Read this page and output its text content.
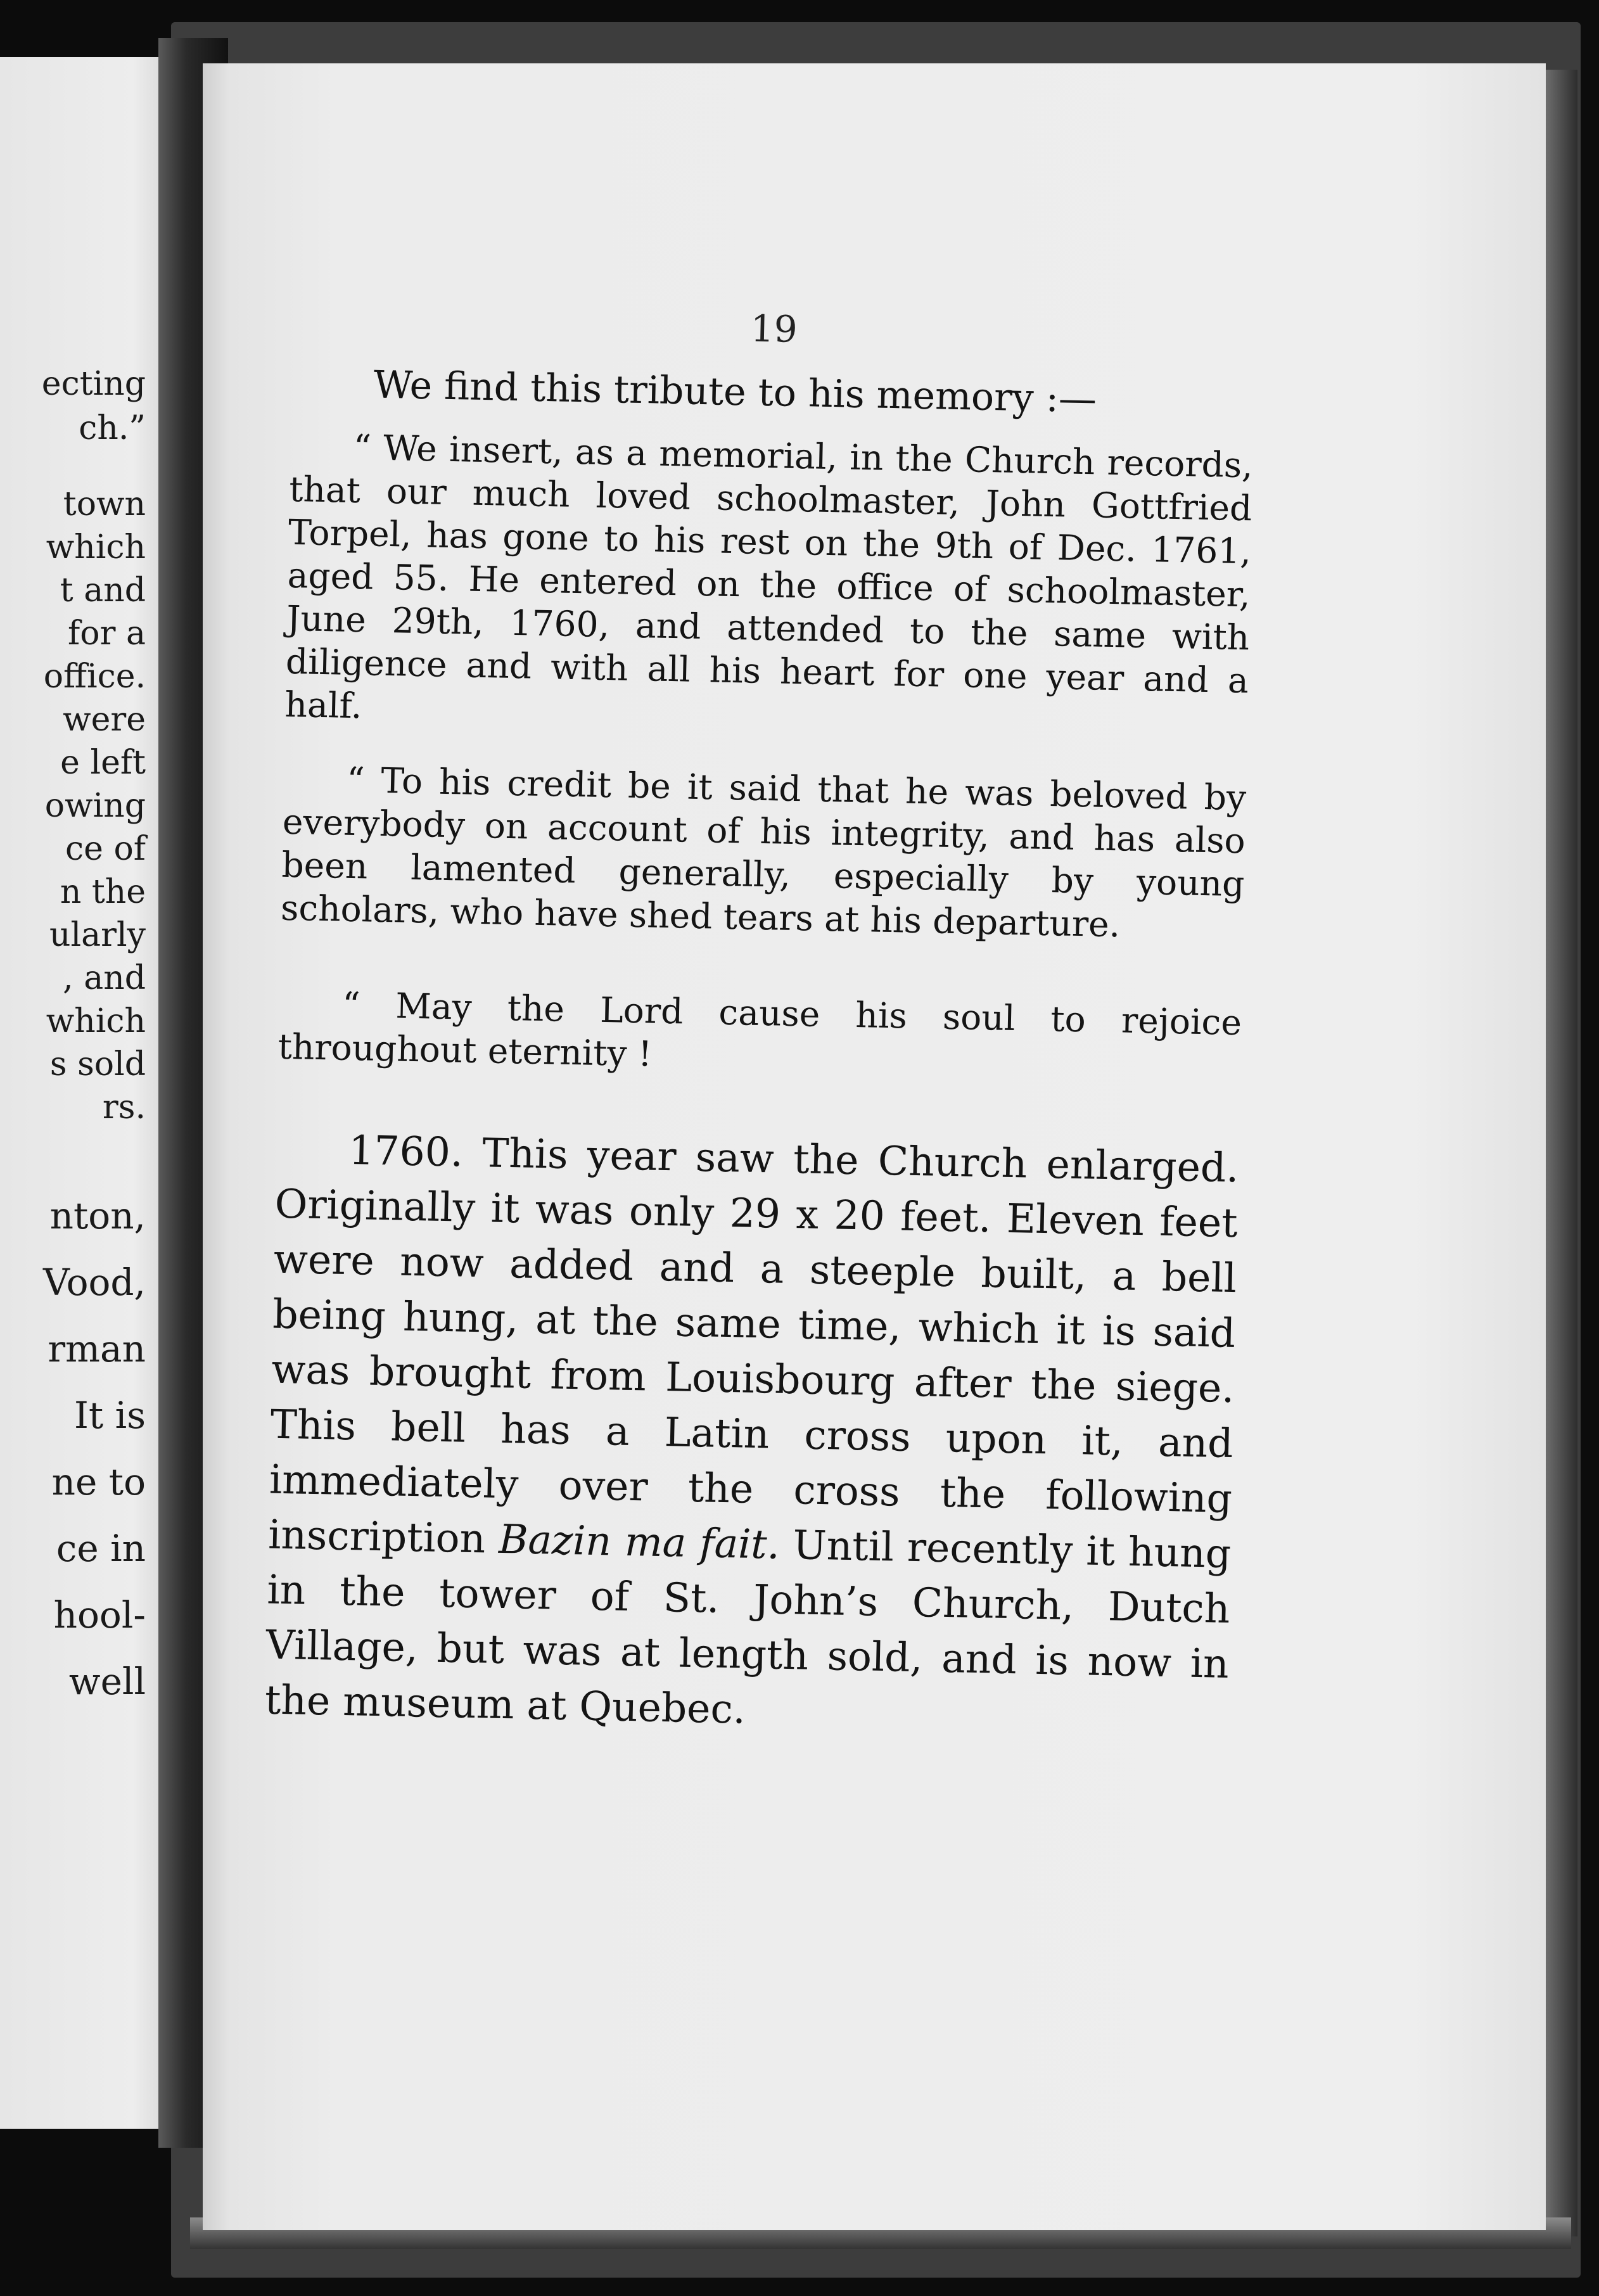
ecting
ch.”
town
which
t and
for a
office.
were
e left
owing
ce of
n the
ularly
, and
which
s sold
rs.
nton,
Vood,
rman
It is
ne to
ce in
hool-
well
19
We find this tribute to his memory :—

“ We insert, as a memorial, in the Church records, that our much loved schoolmaster, John Gottfried Torpel, has gone to his rest on the 9th of Dec. 1761, aged 55. He entered on the office of schoolmaster, June 29th, 1760, and attended to the same with diligence and with all his heart for one year and a half.

“ To his credit be it said that he was beloved by everybody on account of his integrity, and has also been lamented generally, especially by young scholars, who have shed tears at his departure.

“ May the Lord cause his soul to rejoice throughout eternity !

1760. This year saw the Church enlarged. Originally it was only 29 x 20 feet. Eleven feet were now added and a steeple built, a bell being hung, at the same time, which it is said was brought from Louisbourg after the siege. This bell has a Latin cross upon it, and immediately over the cross the following inscription Bazin ma fait. Until recently it hung in the tower of St. John’s Church, Dutch Village, but was at length sold, and is now in the museum at Quebec.
